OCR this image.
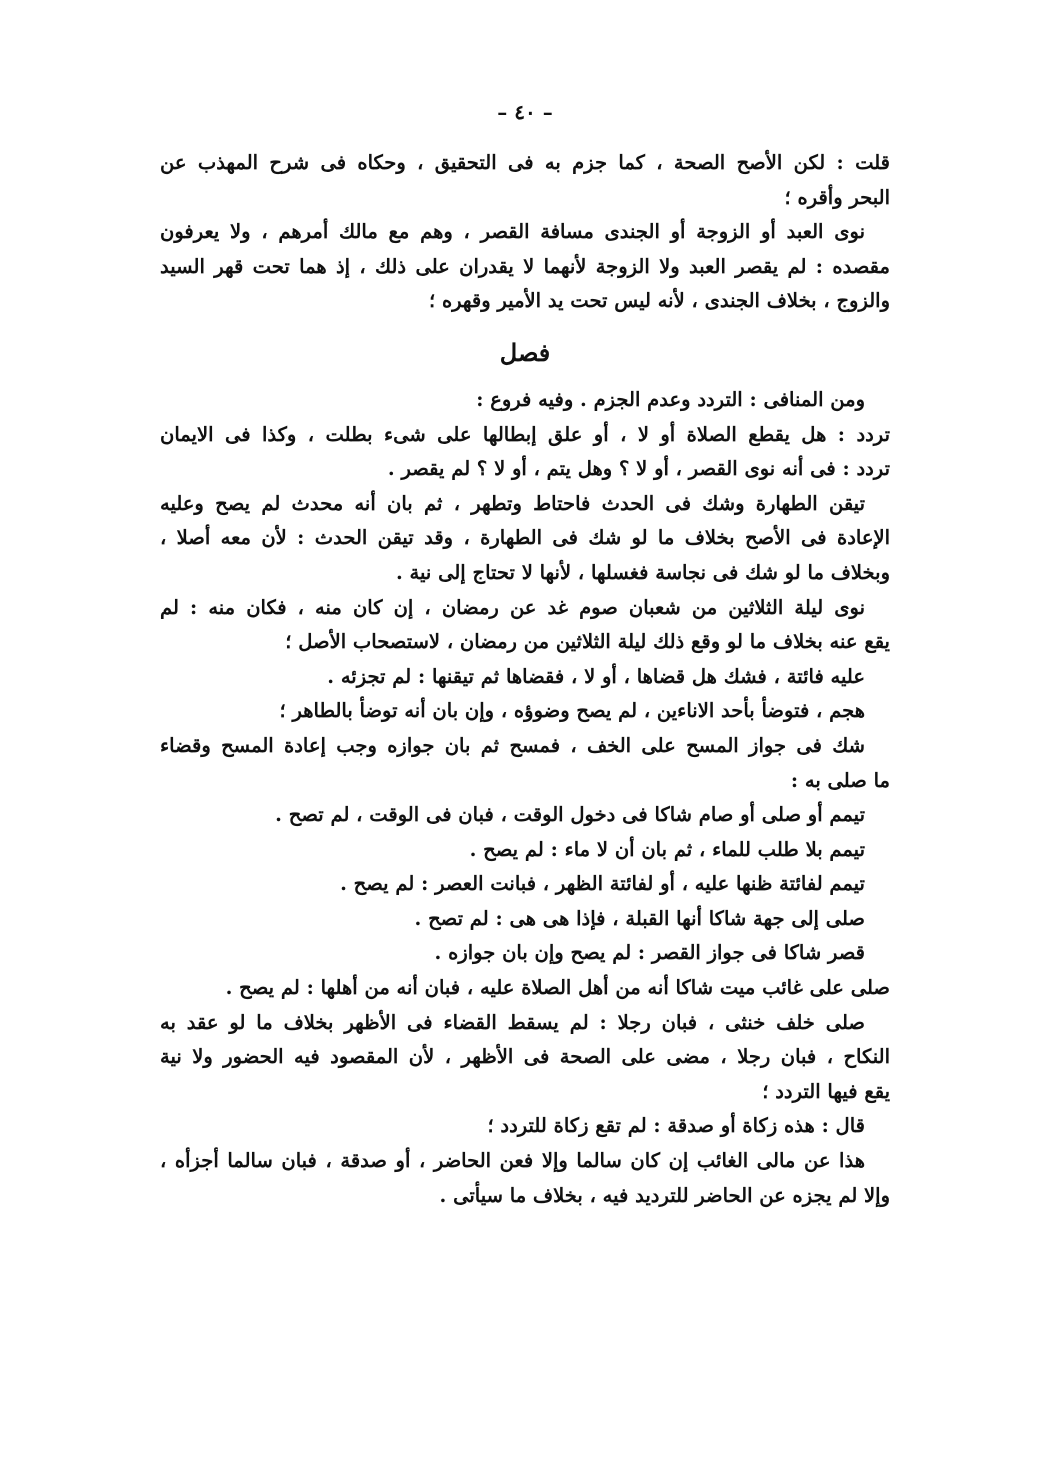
– ٤٠ –
قلت : لكن الأصح الصحة ، كما جزم به فى التحقيق ، وحكاه فى شرح المهذب عن
البحر وأقره ؛
نوى العبد أو الزوجة أو الجندى مسافة القصر ، وهم مع مالك أمرهم ، ولا يعرفون
مقصده : لم يقصر العبد ولا الزوجة لأنهما لا يقدران على ذلك ، إذ هما تحت قهر السيد
والزوج ، بخلاف الجندى ، لأنه ليس تحت يد الأمير وقهره ؛
فصل
ومن المنافى : التردد وعدم الجزم . وفيه فروع :
تردد : هل يقطع الصلاة أو لا ، أو علق إبطالها على شىء بطلت ، وكذا فى الايمان
تردد : فى أنه نوى القصر ، أو لا ؟ وهل يتم ، أو لا ؟ لم يقصر .
تيقن الطهارة وشك فى الحدث فاحتاط وتطهر ، ثم بان أنه محدث لم يصح وعليه
الإعادة فى الأصح بخلاف ما لو شك فى الطهارة ، وقد تيقن الحدث : لأن معه أصلا ،
وبخلاف ما لو شك فى نجاسة فغسلها ، لأنها لا تحتاج إلى نية .
نوى ليلة الثلاثين من شعبان صوم غد عن رمضان ، إن كان منه ، فكان منه : لم
يقع عنه بخلاف ما لو وقع ذلك ليلة الثلاثين من رمضان ، لاستصحاب الأصل ؛
عليه فائتة ، فشك هل قضاها ، أو لا ، فقضاها ثم تيقنها : لم تجزئه .
هجم ، فتوضأ بأحد الاناءين ، لم يصح وضوؤه ، وإن بان أنه توضأ بالطاهر ؛
شك فى جواز المسح على الخف ، فمسح ثم بان جوازه وجب إعادة المسح وقضاء
ما صلى به :
تيمم أو صلى أو صام شاكا فى دخول الوقت ، فبان فى الوقت ، لم تصح .
تيمم بلا طلب للماء ، ثم بان أن لا ماء : لم يصح .
تيمم لفائتة ظنها عليه ، أو لفائتة الظهر ، فبانت العصر : لم يصح .
صلى إلى جهة شاكا أنها القبلة ، فإذا هى هى : لم تصح .
قصر شاكا فى جواز القصر : لم يصح وإن بان جوازه .
صلى على غائب ميت شاكا أنه من أهل الصلاة عليه ، فبان أنه من أهلها : لم يصح .
صلى خلف خنثى ، فبان رجلا : لم يسقط القضاء فى الأظهر بخلاف ما لو عقد به
النكاح ، فبان رجلا ، مضى على الصحة فى الأظهر ، لأن المقصود فيه الحضور ولا نية
يقع فيها التردد ؛
قال : هذه زكاة أو صدقة : لم تقع زكاة للتردد ؛
هذا عن مالى الغائب إن كان سالما وإلا فعن الحاضر ، أو صدقة ، فبان سالما أجزأه ،
وإلا لم يجزه عن الحاضر للترديد فيه ، بخلاف ما سيأتى .
